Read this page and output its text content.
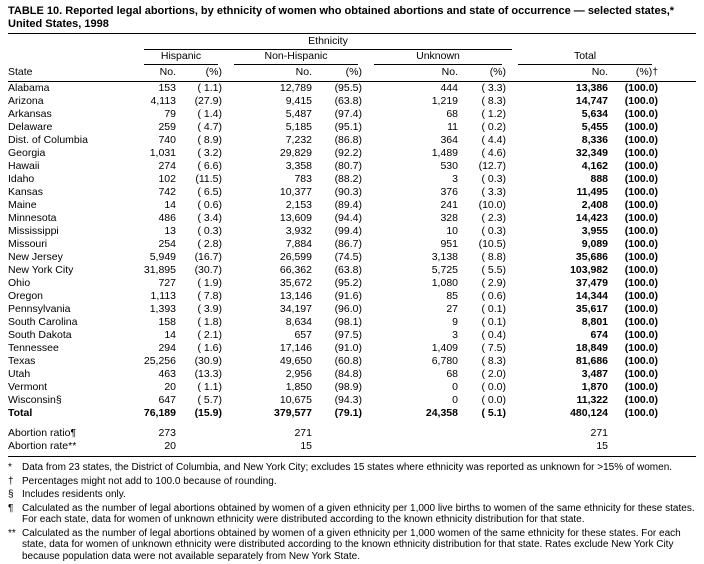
TABLE 10. Reported legal abortions, by ethnicity of women who obtained abortions and state of occurrence — selected states,* United States, 1998

	Ethnicity							

	Hispanic		Non-Hispanic		Unknown		Total	

State	No.	(%)	No.	(%)	No.	(%)	No.	(%)†
Alabama	153	( 1.1)	12,789	(95.5)	444	( 3.3)	13,386	(100.0)
Arizona	4,113	(27.9)	9,415	(63.8)	1,219	( 8.3)	14,747	(100.0)
Arkansas	79	( 1.4)	5,487	(97.4)	68	( 1.2)	5,634	(100.0)
Delaware	259	( 4.7)	5,185	(95.1)	11	( 0.2)	5,455	(100.0)
Dist. of Columbia	740	( 8.9)	7,232	(86.8)	364	( 4.4)	8,336	(100.0)
Georgia	1,031	( 3.2)	29,829	(92.2)	1,489	( 4.6)	32,349	(100.0)
Hawaii	274	( 6.6)	3,358	(80.7)	530	(12.7)	4,162	(100.0)
Idaho	102	(11.5)	783	(88.2)	3	( 0.3)	888	(100.0)
Kansas	742	( 6.5)	10,377	(90.3)	376	( 3.3)	11,495	(100.0)
Maine	14	( 0.6)	2,153	(89.4)	241	(10.0)	2,408	(100.0)
Minnesota	486	( 3.4)	13,609	(94.4)	328	( 2.3)	14,423	(100.0)
Mississippi	13	( 0.3)	3,932	(99.4)	10	( 0.3)	3,955	(100.0)
Missouri	254	( 2.8)	7,884	(86.7)	951	(10.5)	9,089	(100.0)
New Jersey	5,949	(16.7)	26,599	(74.5)	3,138	( 8.8)	35,686	(100.0)
New York City	31,895	(30.7)	66,362	(63.8)	5,725	( 5.5)	103,982	(100.0)
Ohio	727	( 1.9)	35,672	(95.2)	1,080	( 2.9)	37,479	(100.0)
Oregon	1,113	( 7.8)	13,146	(91.6)	85	( 0.6)	14,344	(100.0)
Pennsylvania	1,393	( 3.9)	34,197	(96.0)	27	( 0.1)	35,617	(100.0)
South Carolina	158	( 1.8)	8,634	(98.1)	9	( 0.1)	8,801	(100.0)
South Dakota	14	( 2.1)	657	(97.5)	3	( 0.4)	674	(100.0)
Tennessee	294	( 1.6)	17,146	(91.0)	1,409	( 7.5)	18,849	(100.0)
Texas	25,256	(30.9)	49,650	(60.8)	6,780	( 8.3)	81,686	(100.0)
Utah	463	(13.3)	2,956	(84.8)	68	( 2.0)	3,487	(100.0)
Vermont	20	( 1.1)	1,850	(98.9)	0	( 0.0)	1,870	(100.0)
Wisconsin§	647	( 5.7)	10,675	(94.3)	0	( 0.0)	11,322	(100.0)
Total	76,189	(15.9)	379,577	(79.1)	24,358	( 5.1)	480,124	(100.0)
Abortion ratio¶	273		271				271	
Abortion rate**	20		15				15	
*	Data from 23 states, the District of Columbia, and New York City; excludes 15 states where ethnicity was reported as unknown for >15% of women.
† Percentages might not add to 100.0 because of rounding.
§ Includes residents only.
¶ Calculated as the number of legal abortions obtained by women of a given ethnicity per 1,000 live births to women of the same ethnicity for these states. For each state, data for women of unknown ethnicity were distributed according to the known ethnicity distribution for that state.
** Calculated as the number of legal abortions obtained by women of a given ethnicity per 1,000 women of the same ethnicity for these states. For each state, data for women of unknown ethnicity were distributed according to the known ethnicity distribution for that state. Rates exclude New York City because population data were not available separately from New York State.
